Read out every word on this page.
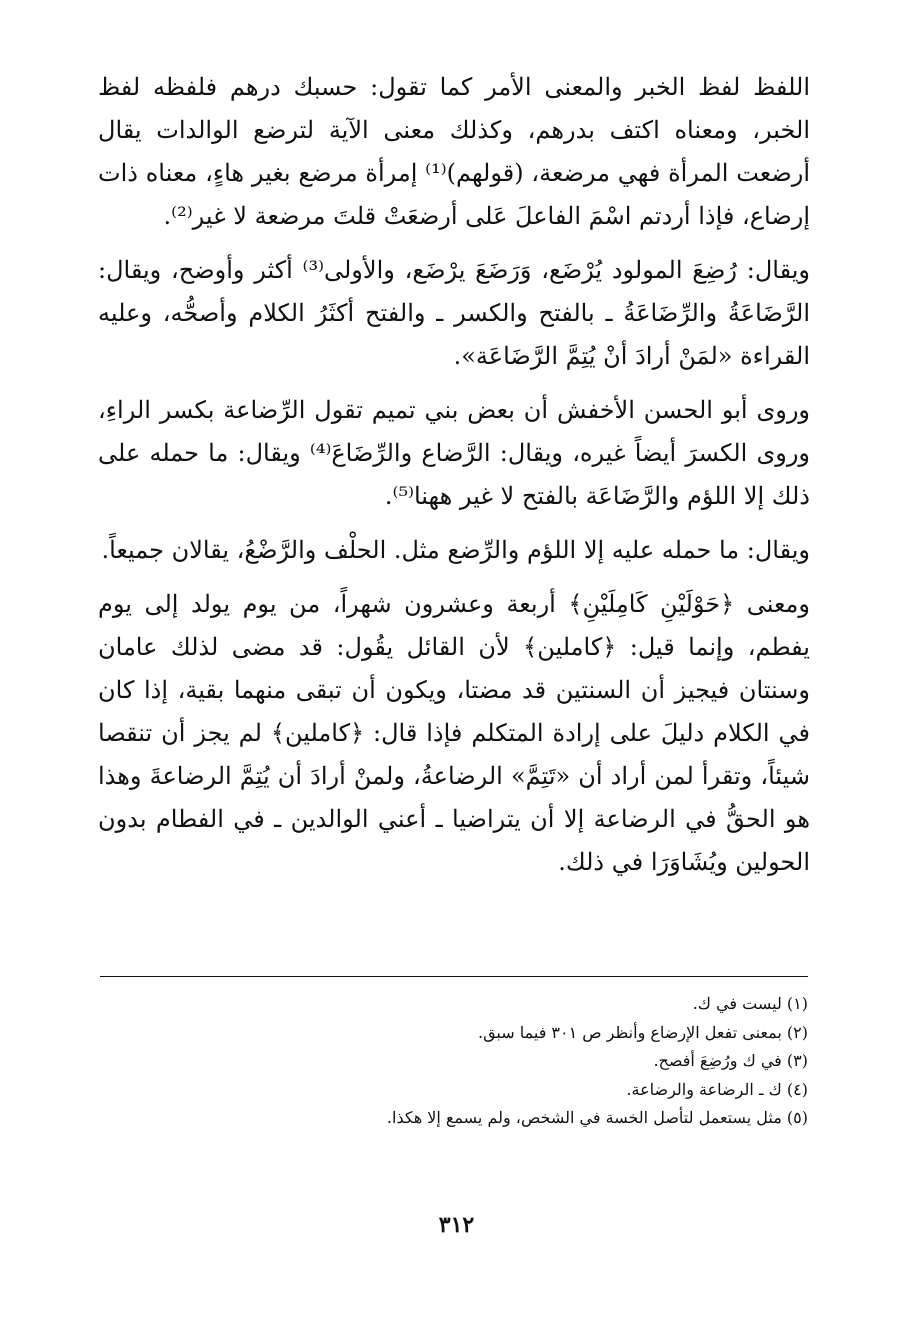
اللفظ لفظ الخبر والمعنى الأمر كما تقول: حسبك درهم فلفظه لفظ الخبر، ومعناه اكتف بدرهم، وكذلك معنى الآية لترضع الوالدات يقال أرضعت المرأة فهي مرضعة، (قولهم)⁽¹⁾ إمرأة مرضع بغير هاءٍ، معناه ذات إرضاع، فإذا أردتم اسْمَ الفاعلَ عَلى أرضعَتْ قلتَ مرضعة لا غير⁽²⁾.

ويقال: رُضِعَ المولود يُرْضَع، وَرَضَعَ يرْضَع، والأولى⁽³⁾ أكثر وأوضح، ويقال: الرَّضَاعَةُ والرِّضَاعَةُ ـ بالفتح والكسر ـ والفتح أكثَرُ الكلام وأصحُّه، وعليه القراءة «لمَنْ أرادَ أنْ يُتِمَّ الرَّضَاعَة».

وروى أبو الحسن الأخفش أن بعض بني تميم تقول الرِّضاعة بكسر الراءِ، وروى الكسرَ أيضاً غيره، ويقال: الرَّضاع والرِّضَاعَ⁽⁴⁾ ويقال: ما حمله على ذلك إلا اللؤم والرَّضَاعَة بالفتح لا غير ههنا⁽⁵⁾.

ويقال: ما حمله عليه إلا اللؤم والرِّضع مثل. الحلْف والرَّضْعُ، يقالان جميعاً.

ومعنى ﴿حَوْلَيْنِ كَامِلَيْنِ﴾ أربعة وعشرون شهراً، من يوم يولد إلى يوم يفطم، وإنما قيل: ﴿كاملين﴾ لأن القائل يقُول: قد مضى لذلك عامان وسنتان فيجيز أن السنتين قد مضتا، ويكون أن تبقى منهما بقية، إذا كان في الكلام دليلَ على إرادة المتكلم فإذا قال: ﴿كاملين﴾ لم يجز أن تنقصا شيئاً، وتقرأ لمن أراد أن «تَتِمَّ» الرضاعةُ، ولمنْ أرادَ أن يُتِمَّ الرضاعةَ وهذا هو الحقُّ في الرضاعة إلا أن يتراضيا ـ أعني الوالدين ـ في الفطام بدون الحولين ويُشَاوَرَا في ذلك.

(١) ليست في ك.
(٢) بمعنى تفعل الإرضاع وأنظر ص ٣٠١ فيما سبق.
(٣) في ك ورُضِعَ أفصح.
(٤) ك ـ الرضاعة والرضاعة.
(٥) مثل يستعمل لتأصل الخسة في الشخص، ولم يسمع إلا هكذا.
٣١٢
